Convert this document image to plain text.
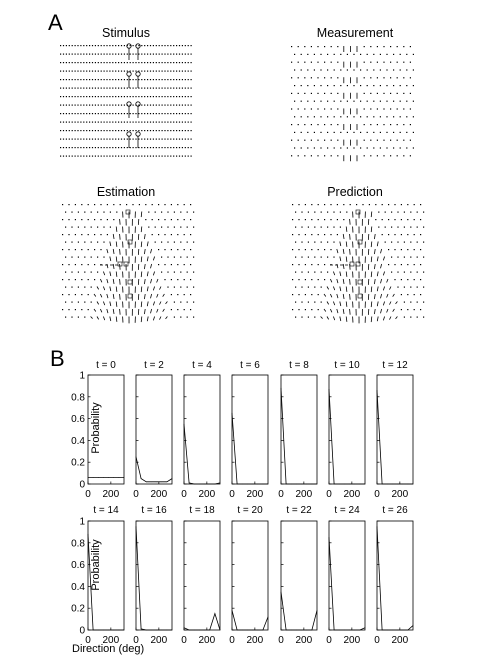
A	Stimulus	Measurement
Estimation	Prediction
B	t = 0
0 200
0
0.2
0.4
0.6
0.8
1
t = 2
0 200
t = 4
0 200
t = 6
0 200
t = 8
0 200
t = 10
0 200
t = 12
0 200
t = 14
0 200
0
0.2
0.4
0.6
0.8
1
t = 16
0 200
t = 18
0 200
t = 20
0 200
t = 22
0 200
t = 24
0 200
t = 26
0 200
Probability
Probability
Direction (deg)
